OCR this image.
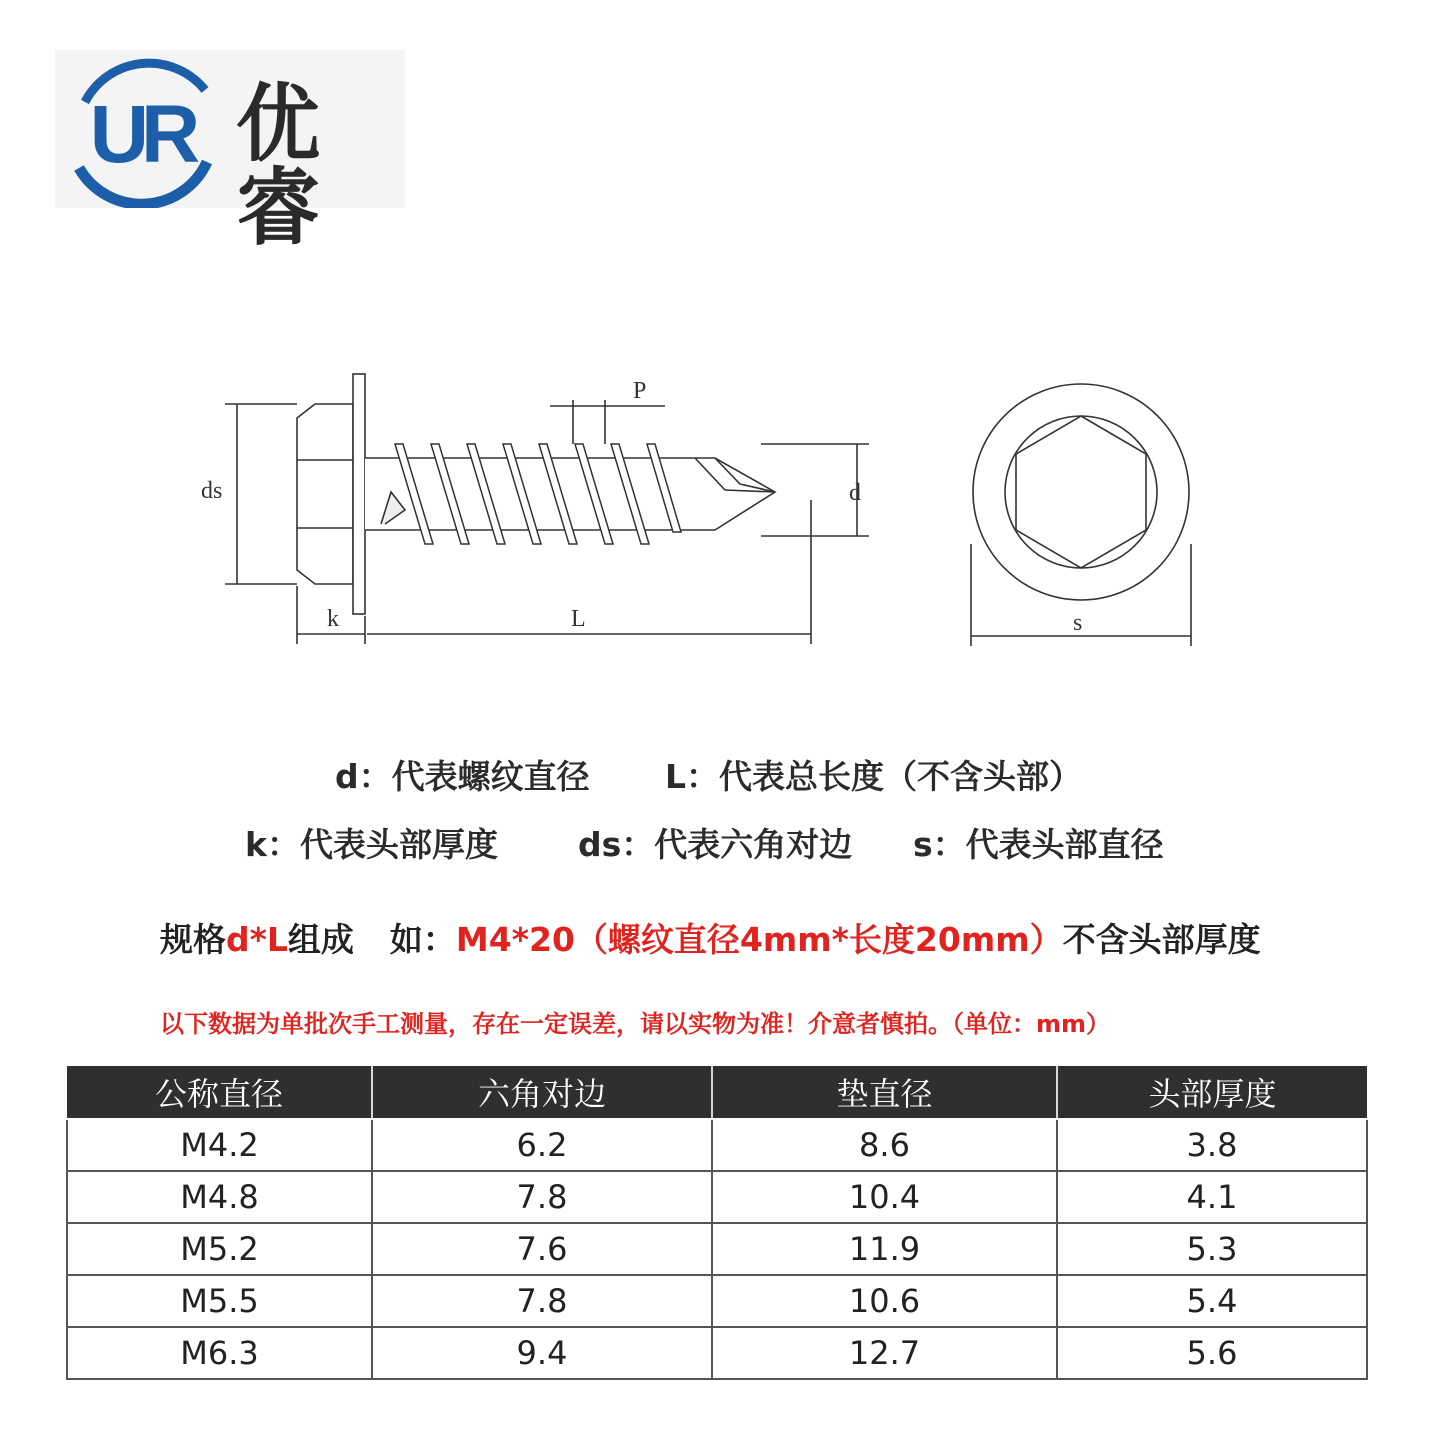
UR 优睿
ds
k	L
P
d
s
d：代表螺纹直径 L：代表总长度（不含头部）
k：代表头部厚度 ds：代表六角对边 s：代表头部直径
规格d*L组成 如：M4*20（螺纹直径4mm*长度20mm）不含头部厚度
以下数据为单批次手工测量，存在一定误差，请以实物为准！介意者慎拍。（单位：mm）
公称直径	六角对边	垫直径	头部厚度
M4.2	6.2	8.6	3.8
M4.8	7.8	10.4	4.1
M5.2	7.6	11.9	5.3
M5.5	7.8	10.6	5.4
M6.3	9.4	12.7	5.6
